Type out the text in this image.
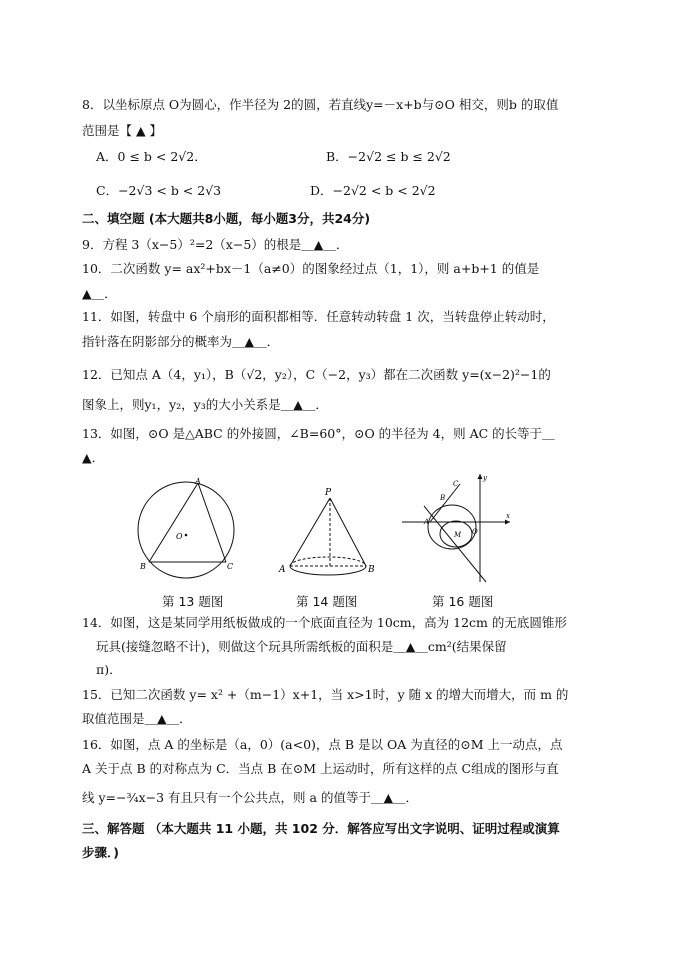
8．以坐标原点 O为圆心，作半径为 2的圆，若直线y=－x+b与⊙O 相交，则b 的取值
范围是【 ▲ 】
A．0 ≤ b < 2√2．	B．−2√2 ≤ b ≤ 2√2
C．−2√3 < b < 2√3	D．−2√2 < b < 2√2
二、填空题 (本大题共8小题，每小题3分，共24分)
9．方程 3（x−5）²=2（x−5）的根是＿▲＿．
10．二次函数 y= ax²+bx－1（a≠0）的图象经过点（1，1），则 a+b+1 的值是
▲＿．
11．如图，转盘中 6 个扇形的面积都相等．任意转动转盘 1 次，当转盘停止转动时，
指针落在阴影部分的概率为＿▲＿．
12．已知点 A（4，y₁），B（√2，y₂），C（−2，y₃）都在二次函数 y=(x−2)²−1的
图象上，则y₁，y₂，y₃的大小关系是＿▲＿．
13．如图，⊙O 是△ABC 的外接圆，∠B=60°，⊙O 的半径为 4，则 AC 的长等于＿
▲．
A
B	C
O
P
A	B
C
y
B
A
M O
x
第 13 题图	第 14 题图	第 16 题图
14．如图，这是某同学用纸板做成的一个底面直径为 10cm，高为 12cm 的无底圆锥形
玩具(接缝忽略不计)，则做这个玩具所需纸板的面积是＿▲＿cm²(结果保留
π)．
15．已知二次函数 y= x² +（m−1）x+1，当 x>1时，y 随 x 的增大而增大，而 m 的
取值范围是＿▲＿．
16．如图，点 A 的坐标是（a，0）(a<0)，点 B 是以 OA 为直径的⊙M 上一动点，点
A 关于点 B 的对称点为 C．当点 B 在⊙M 上运动时，所有这样的点 C组成的图形与直
线 y=−¾x−3 有且只有一个公共点，则 a 的值等于＿▲＿．
三、解答题 （本大题共 11 小题，共 102 分．解答应写出文字说明、证明过程或演算
步骤．)
